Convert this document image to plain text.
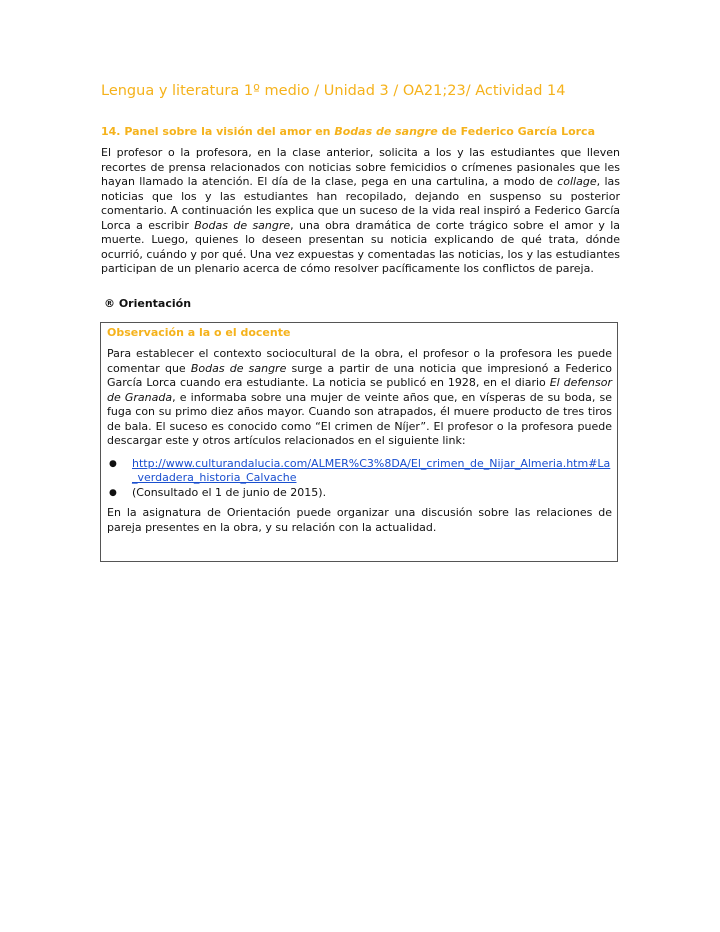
Lengua y literatura 1º medio / Unidad 3 / OA21;23/ Actividad 14
14. Panel sobre la visión del amor en Bodas de sangre de Federico García Lorca
El profesor o la profesora, en la clase anterior, solicita a los y las estudiantes que lleven recortes de prensa relacionados con noticias sobre femicidios o crímenes pasionales que les hayan llamado la atención. El día de la clase, pega en una cartulina, a modo de collage, las noticias que los y las estudiantes han recopilado, dejando en suspenso su posterior comentario. A continuación les explica que un suceso de la vida real inspiró a Federico García Lorca a escribir Bodas de sangre, una obra dramática de corte trágico sobre el amor y la muerte. Luego, quienes lo deseen presentan su noticia explicando de qué trata, dónde ocurrió, cuándo y por qué. Una vez expuestas y comentadas las noticias, los y las estudiantes participan de un plenario acerca de cómo resolver pacíficamente los conflictos de pareja.
® Orientación
Observación a la o el docente

Para establecer el contexto sociocultural de la obra, el profesor o la profesora les puede comentar que Bodas de sangre surge a partir de una noticia que impresionó a Federico García Lorca cuando era estudiante. La noticia se publicó en 1928, en el diario El defensor de Granada, e informaba sobre una mujer de veinte años que, en vísperas de su boda, se fuga con su primo diez años mayor. Cuando son atrapados, él muere producto de tres tiros de bala. El suceso es conocido como “El crimen de Níjer”. El profesor o la profesora puede descargar este y otros artículos relacionados en el siguiente link:

● http://www.culturandalucia.com/ALMER%C3%8DA/El_crimen_de_Nijar_Almeria.htm#La_verdadera_historia_Calvache
● (Consultado el 1 de junio de 2015).

En la asignatura de Orientación puede organizar una discusión sobre las relaciones de pareja presentes en la obra, y su relación con la actualidad.
